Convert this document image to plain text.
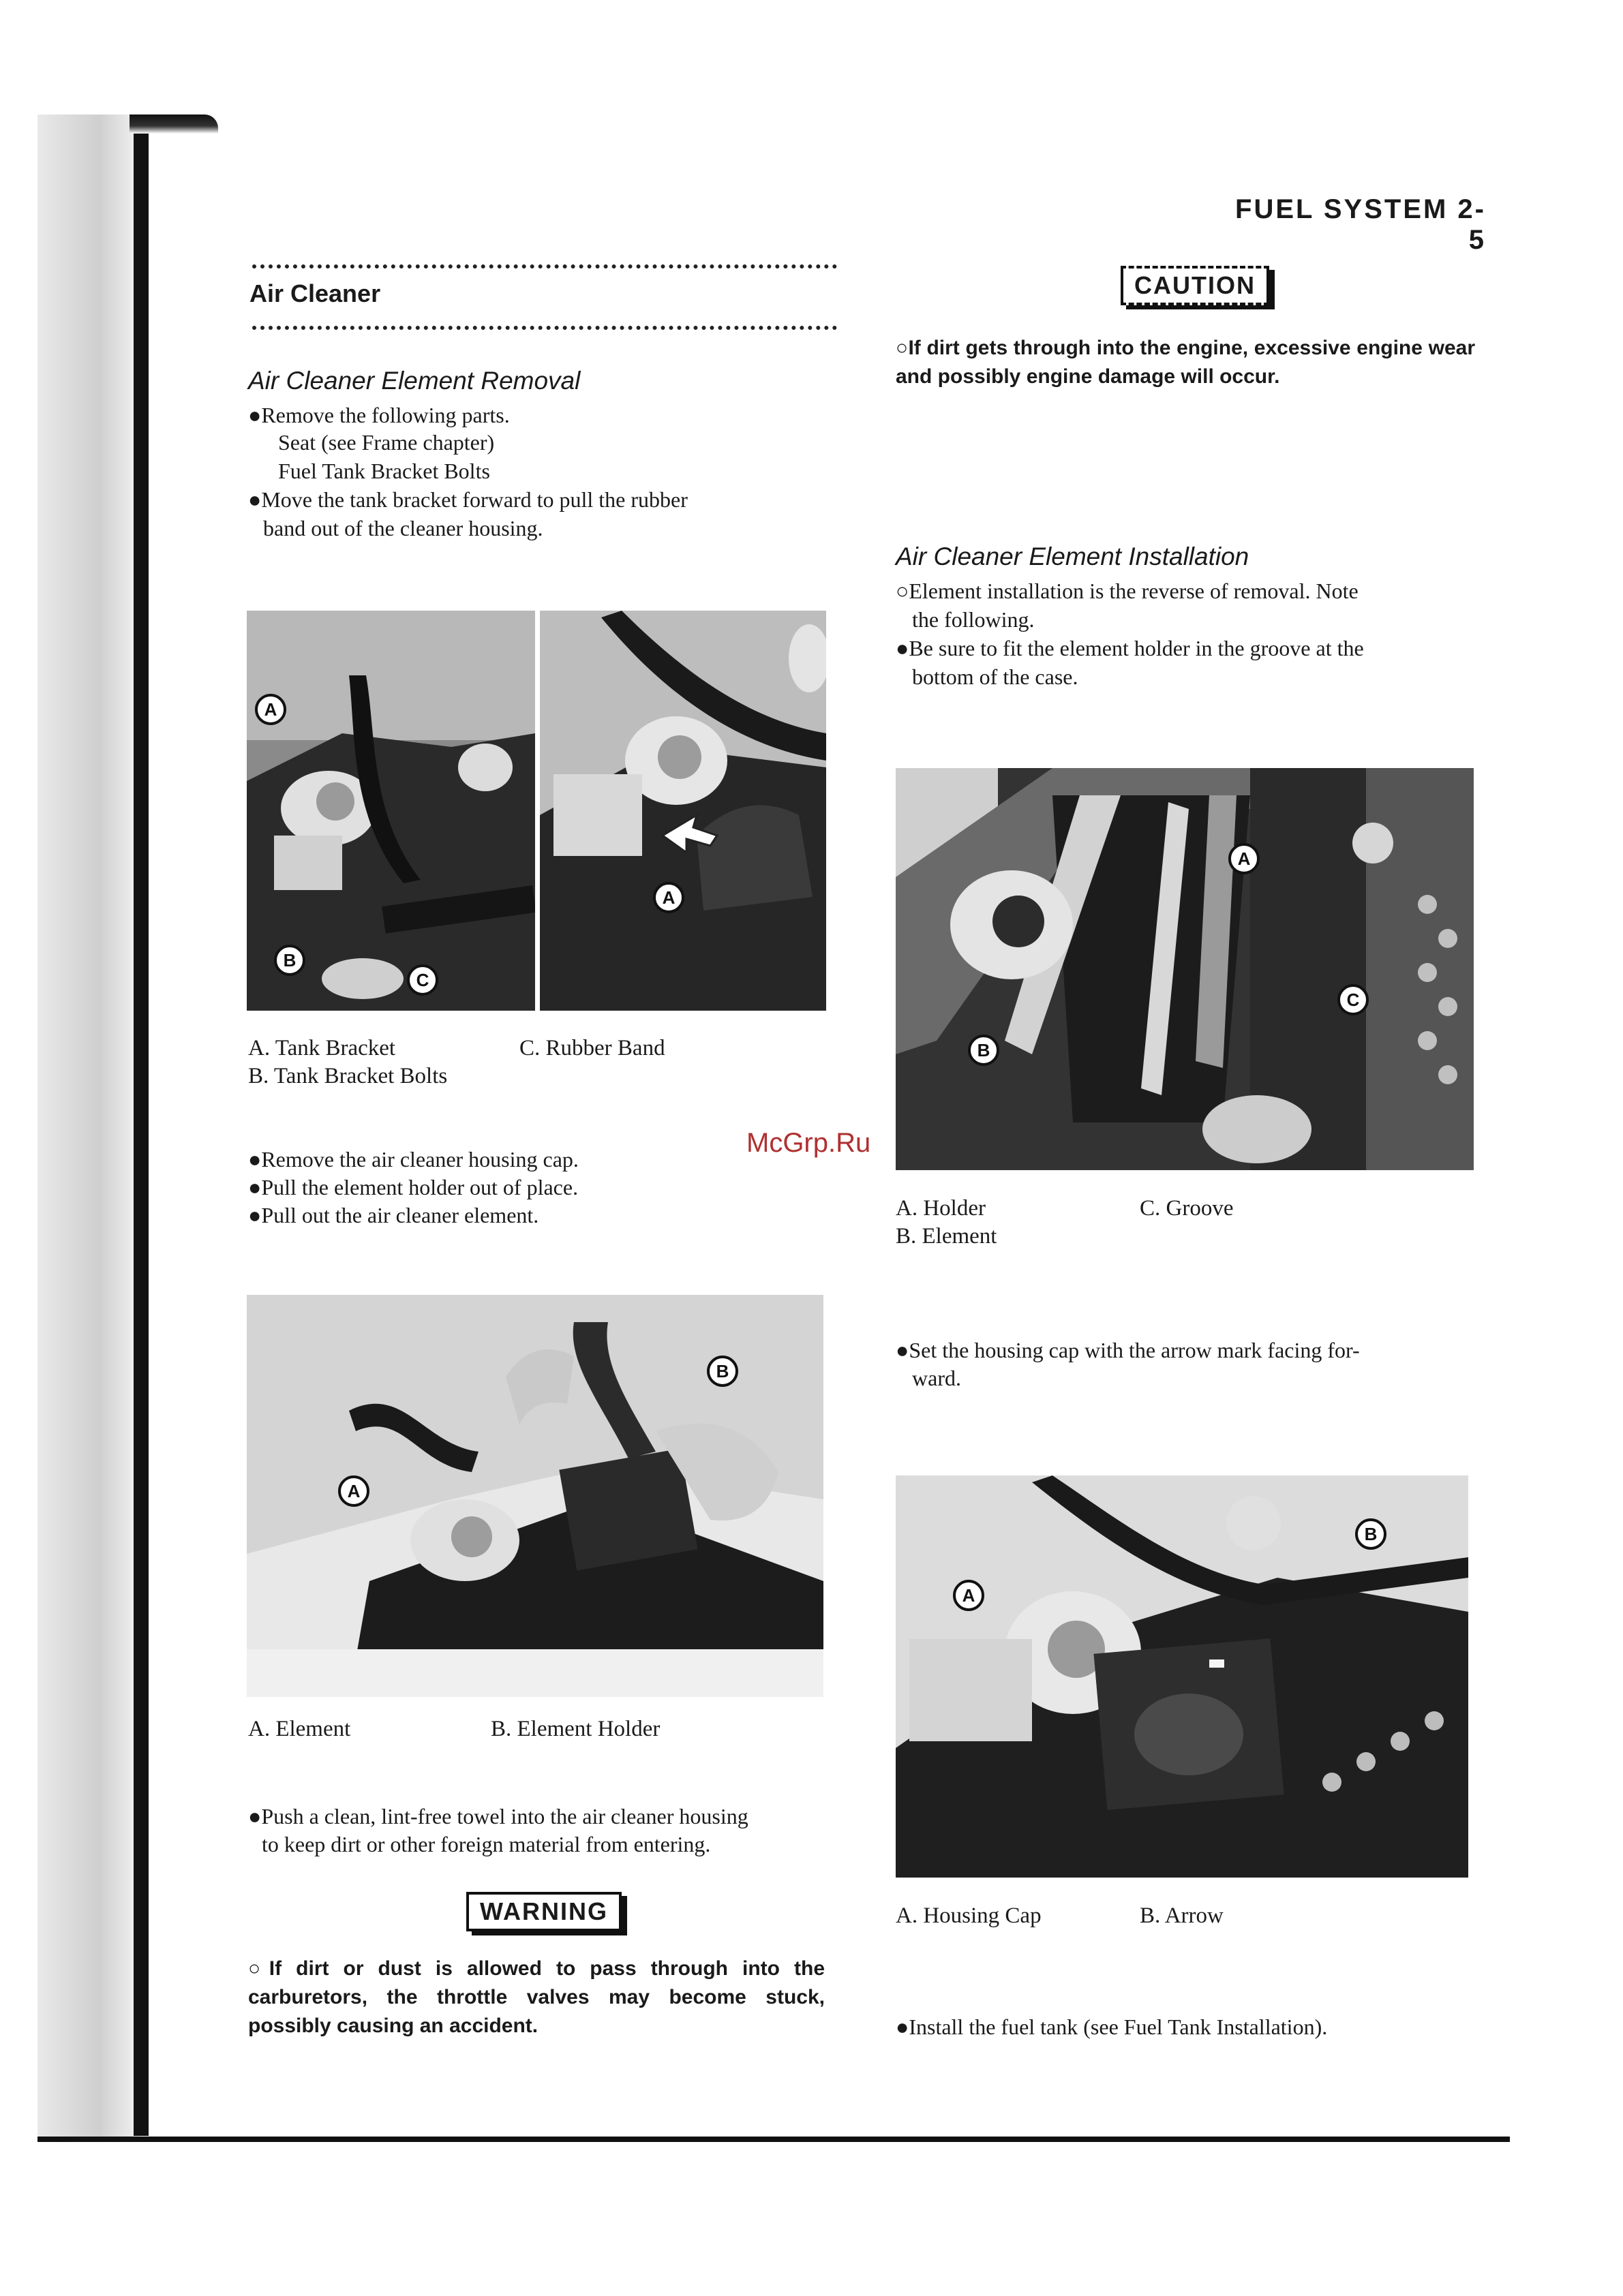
FUEL SYSTEM 2-5
Air Cleaner
Air Cleaner Element Removal
●Remove the following parts.
Seat (see Frame chapter)
Fuel Tank Bracket Bolts
●Move the tank bracket forward to pull the rubber
band out of the cleaner housing.
A
B
C
A
A. Tank Bracket	C. Rubber Band
B. Tank Bracket Bolts
●Remove the air cleaner housing cap.
●Pull the element holder out of place.
●Pull out the air cleaner element.
A
B
A. Element	B. Element Holder
●Push a clean, lint-free towel into the air cleaner housing
to keep dirt or other foreign material from entering.
WARNING
○If dirt or dust is allowed to pass through into the carburetors, the throttle valves may become stuck, possibly causing an accident.
McGrp.Ru
CAUTION
○If dirt gets through into the engine, excessive engine wear and possibly engine damage will occur.
Air Cleaner Element Installation
○Element installation is the reverse of removal. Note
the following.
●Be sure to fit the element holder in the groove at the
bottom of the case.
A
B
C
A. Holder	C. Groove
B. Element
●Set the housing cap with the arrow mark facing for-
ward.
A
B
A. Housing Cap	B. Arrow
●Install the fuel tank (see Fuel Tank Installation).
